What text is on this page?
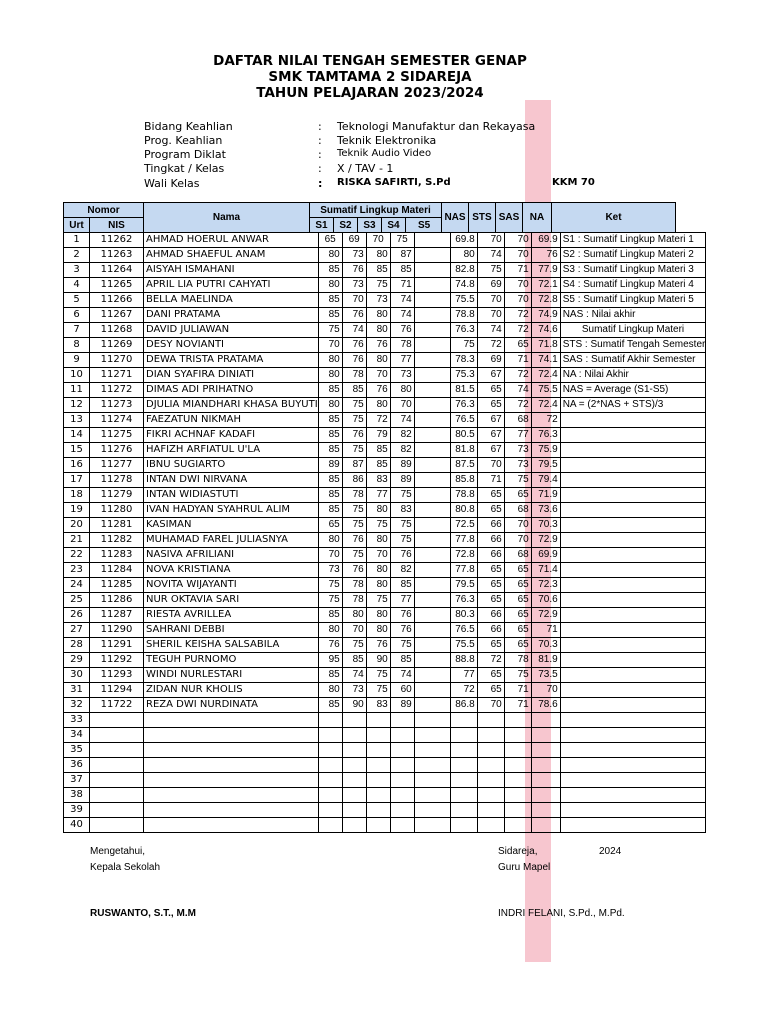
DAFTAR NILAI TENGAH SEMESTER GENAP
SMK TAMTAMA 2 SIDAREJA
TAHUN PELAJARAN 2023/2024
Bidang Keahlian	: Teknologi Manufaktur dan Rekayasa
Prog. Keahlian	: Teknik Elektronika
Program Diklat	: Teknik Audio Video
Tingkat / Kelas	: X / TAV - 1
Wali Kelas	: RISKA SAFIRTI, S.Pd	KKM 70
Nomor
Urt	NIS
Nama
Sumatif Lingkup Materi
S1	S2	S3	S4	S5
NAS STS SAS	NA	Ket
1	11262	AHMAD HOERUL ANWAR	65	69	70	75		69.8	70	70	69.9	S1 : Sumatif Lingkup Materi 1
2	11263	AHMAD SHAEFUL ANAM	80	73	80	87		80	74	70	76	S2 : Sumatif Lingkup Materi 2
3	11264	AISYAH ISMAHANI	85	76	85	85		82.8	75	71	77.9	S3 : Sumatif Lingkup Materi 3
4	11265	APRIL LIA PUTRI CAHYATI	80	73	75	71		74.8	69	70	72.1	S4 : Sumatif Lingkup Materi 4
5	11266	BELLA MAELINDA	85	70	73	74		75.5	70	70	72.8	S5 : Sumatif Lingkup Materi 5
6	11267	DANI PRATAMA	85	76	80	74		78.8	70	72	74.9	NAS : Nilai akhir
7	11268	DAVID JULIAWAN	75	74	80	76		76.3	74	72	74.6	Sumatif Lingkup Materi
8	11269	DESY NOVIANTI	70	76	76	78		75	72	65	71.8	STS : Sumatif Tengah Semester
9	11270	DEWA TRISTA PRATAMA	80	76	80	77		78.3	69	71	74.1	SAS : Sumatif Akhir Semester
10	11271	DIAN SYAFIRA DINIATI	80	78	70	73		75.3	67	72	72.4	NA : Nilai Akhir
11	11272	DIMAS ADI PRIHATNO	85	85	76	80		81.5	65	74	75.5	NAS = Average (S1-S5)
12	11273	DJULIA MIANDHARI KHASA BUYUTI	80	75	80	70		76.3	65	72	72.4	NA = (2*NAS + STS)/3
13	11274	FAEZATUN NIKMAH	85	75	72	74		76.5	67	68	72	
14	11275	FIKRI ACHNAF KADAFI	85	76	79	82		80.5	67	77	76.3	
15	11276	HAFIZH ARFIATUL U'LA	85	75	85	82		81.8	67	73	75.9	
16	11277	IBNU SUGIARTO	89	87	85	89		87.5	70	73	79.5	
17	11278	INTAN DWI NIRVANA	85	86	83	89		85.8	71	75	79.4	
18	11279	INTAN WIDIASTUTI	85	78	77	75		78.8	65	65	71.9	
19	11280	IVAN HADYAN SYAHRUL ALIM	85	75	80	83		80.8	65	68	73.6	
20	11281	KASIMAN	65	75	75	75		72.5	66	70	70.3	
21	11282	MUHAMAD FAREL JULIASNYA	80	76	80	75		77.8	66	70	72.9	
22	11283	NASIVA AFRILIANI	70	75	70	76		72.8	66	68	69.9	
23	11284	NOVA KRISTIANA	73	76	80	82		77.8	65	65	71.4	
24	11285	NOVITA WIJAYANTI	75	78	80	85		79.5	65	65	72.3	
25	11286	NUR OKTAVIA SARI	75	78	75	77		76.3	65	65	70.6	
26	11287	RIESTA AVRILLEA	85	80	80	76		80.3	66	65	72.9	
27	11290	SAHRANI DEBBI	80	70	80	76		76.5	66	65	71	
28	11291	SHERIL KEISHA SALSABILA	76	75	76	75		75.5	65	65	70.3	
29	11292	TEGUH PURNOMO	95	85	90	85		88.8	72	78	81.9	
30	11293	WINDI NURLESTARI	85	74	75	74		77	65	75	73.5	
31	11294	ZIDAN NUR KHOLIS	80	73	75	60		72	65	71	70	
32	11722	REZA DWI NURDINATA	85	90	83	89		86.8	70	71	78.6	
33												
34												
35												
36												
37												
38												
39												
40												
Mengetahui,
Kepala Sekolah
RUSWANTO, S.T., M.M
Sidareja,	2024
Guru Mapel
INDRI FELANI, S.Pd., M.Pd.
